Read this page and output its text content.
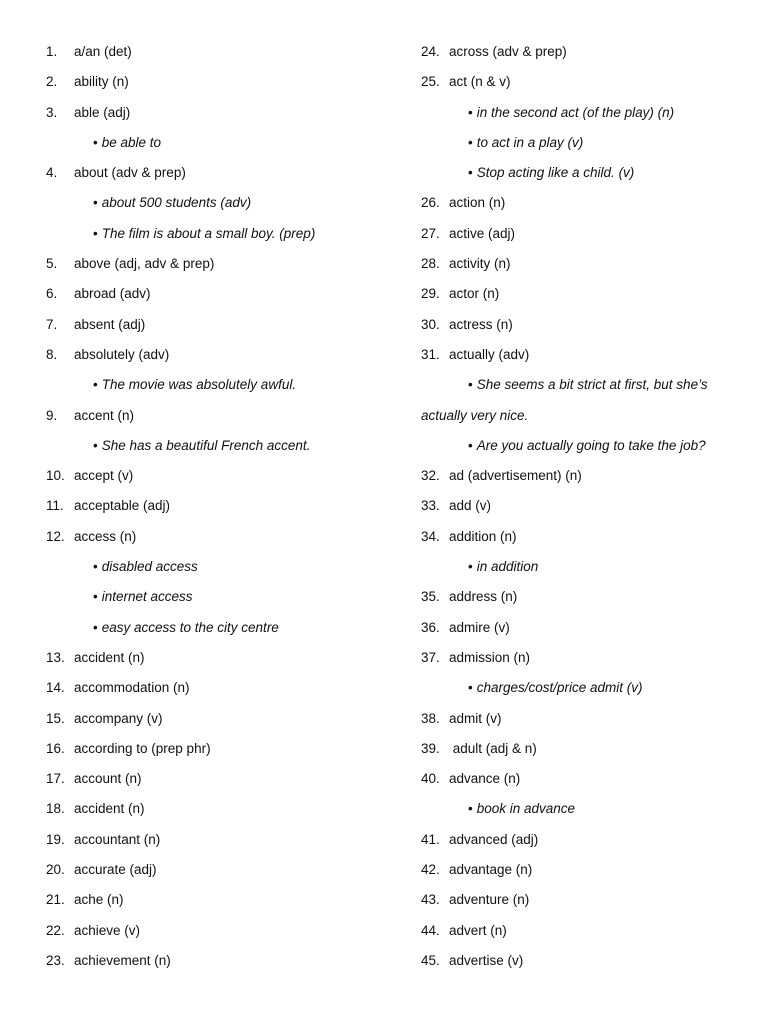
1. a/an (det)
2. ability (n)
3. able (adj)
• be able to
4. about (adv & prep)
• about 500 students (adv)
• The film is about a small boy. (prep)
5. above (adj, adv & prep)
6. abroad (adv)
7. absent (adj)
8. absolutely (adv)
• The movie was absolutely awful.
9. accent (n)
• She has a beautiful French accent.
10. accept (v)
11. acceptable (adj)
12. access (n)
• disabled access
• internet access
• easy access to the city centre
13. accident (n)
14. accommodation (n)
15. accompany (v)
16. according to (prep phr)
17. account (n)
18. accident (n)
19. accountant (n)
20. accurate (adj)
21. ache (n)
22. achieve (v)
23. achievement (n)
24. across (adv & prep)
25. act (n & v)
• in the second act (of the play) (n)
• to act in a play (v)
• Stop acting like a child. (v)
26. action (n)
27. active (adj)
28. activity (n)
29. actor (n)
30. actress (n)
31. actually (adv)
• She seems a bit strict at first, but she’s
actually very nice.
• Are you actually going to take the job?
32. ad (advertisement) (n)
33. add (v)
34. addition (n)
• in addition
35. address (n)
36. admire (v)
37. admission (n)
• charges/cost/price admit (v)
38. admit (v)
39. adult (adj & n)
40. advance (n)
• book in advance
41. advanced (adj)
42. advantage (n)
43. adventure (n)
44. advert (n)
45. advertise (v)
